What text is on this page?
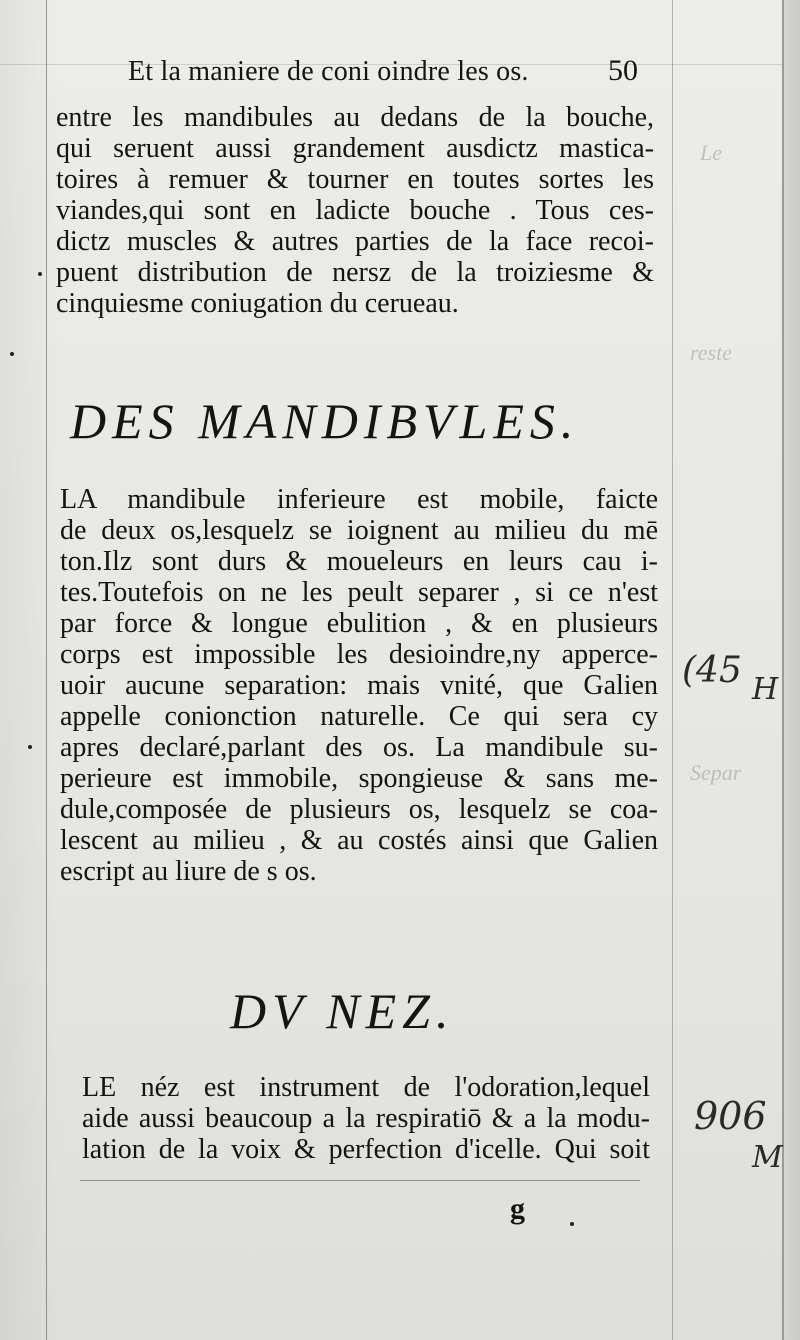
Le
reste
Separ
Et la maniere de coni oindre les os.	50
entre les mandibules au dedans de la bouche,
qui seruent aussi grandement ausdictz mastica-
toires à remuer & tourner en toutes sortes les
viandes,qui sont en ladicte bouche . Tous ces-
dictz muscles & autres parties de la face recoi-
puent distribution de nersz de la troiziesme &
cinquiesme coniugation du cerueau.
DES MANDIBVLES.
LA mandibule inferieure est mobile, faicte
de deux os,lesquelz se ioignent au milieu du mē
ton.Ilz sont durs & moueleurs en leurs cau i-
tes.Toutefois on ne les peult separer , si ce n'est
par force & longue ebulition , & en plusieurs
corps est impossible les desioindre,ny apperce-
uoir aucune separation: mais vnité, que Galien
appelle conionction naturelle. Ce qui sera cy
apres declaré,parlant des os. La mandibule su-
perieure est immobile, spongieuse & sans me-
dule,composée de plusieurs os, lesquelz se coa-
lescent au milieu , & au costés ainsi que Galien
escript au liure de s os.
DV NEZ.
LE néz est instrument de l'odoration,lequel
aide aussi beaucoup a la respiratiō & a la modu-
lation de la voix & perfection d'icelle. Qui soit
g
(45 H
906
M
